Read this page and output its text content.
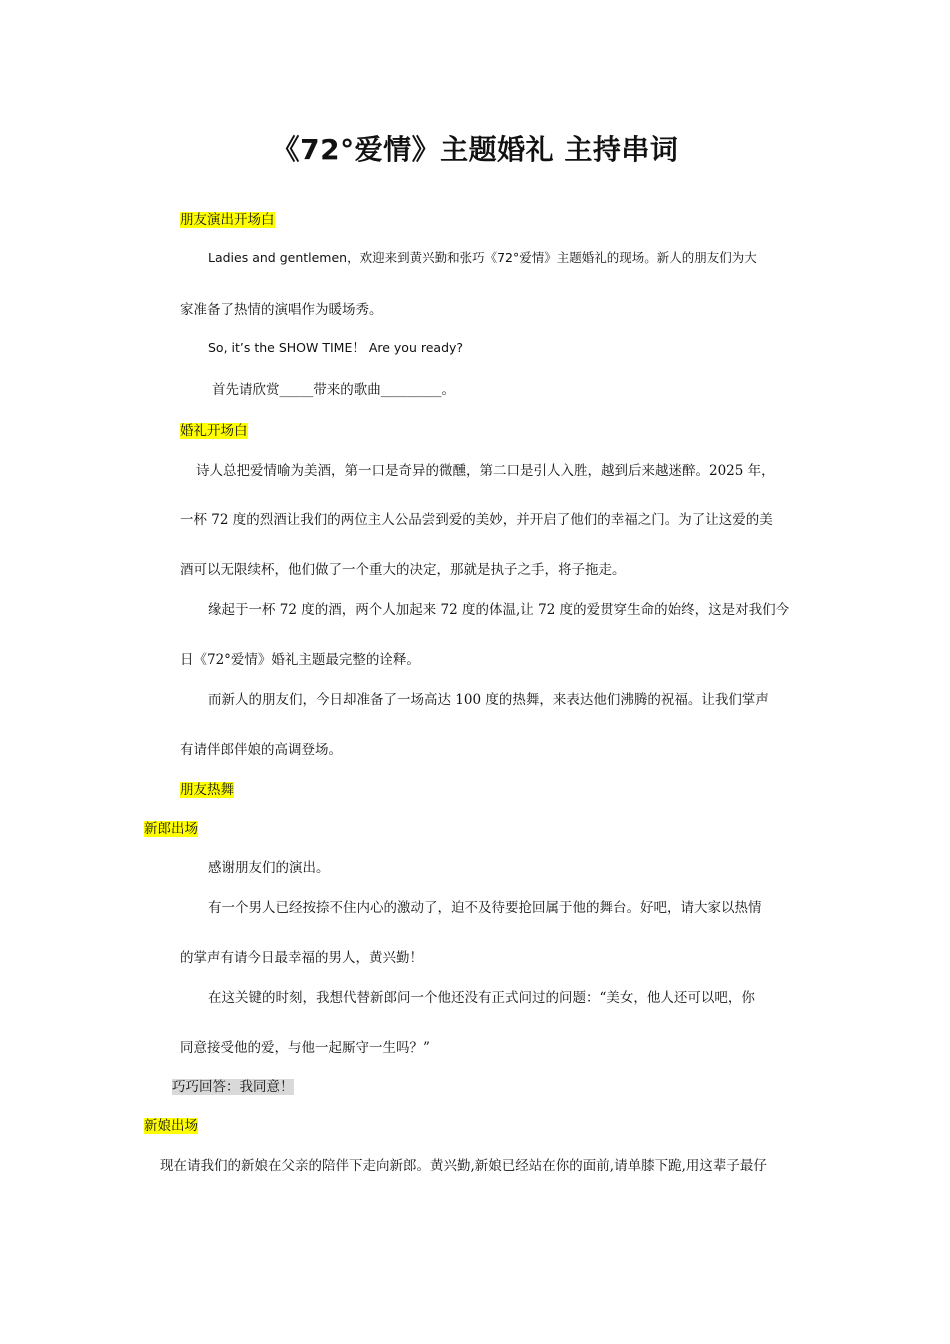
《72°爱情》主题婚礼 主持串词
朋友演出开场白
Ladies and gentlemen，欢迎来到黄兴勤和张巧《72°爱情》主题婚礼的现场。新人的朋友们为大
家准备了热情的演唱作为暖场秀。
So, it’s the SHOW TIME！ Are you ready?
首先请欣赏_____带来的歌曲_________。
婚礼开场白
诗人总把爱情喻为美酒，第一口是奇异的微醺，第二口是引人入胜，越到后来越迷醉。2025 年，
一杯 72 度的烈酒让我们的两位主人公品尝到爱的美妙，并开启了他们的幸福之门。为了让这爱的美
酒可以无限续杯，他们做了一个重大的决定，那就是执子之手，将子拖走。
缘起于一杯 72 度的酒，两个人加起来 72 度的体温,让 72 度的爱贯穿生命的始终，这是对我们今
日《72°爱情》婚礼主题最完整的诠释。
而新人的朋友们，今日却准备了一场高达 100 度的热舞，来表达他们沸腾的祝福。让我们掌声
有请伴郎伴娘的高调登场。
朋友热舞
新郎出场
感谢朋友们的演出。
有一个男人已经按捺不住内心的激动了，迫不及待要抢回属于他的舞台。好吧，请大家以热情
的掌声有请今日最幸福的男人，黄兴勤！
在这关键的时刻，我想代替新郎问一个他还没有正式问过的问题：“美女，他人还可以吧，你
同意接受他的爱，与他一起厮守一生吗？”
巧巧回答：我同意！
新娘出场
现在请我们的新娘在父亲的陪伴下走向新郎。黄兴勤,新娘已经站在你的面前,请单膝下跪,用这辈子最仔
